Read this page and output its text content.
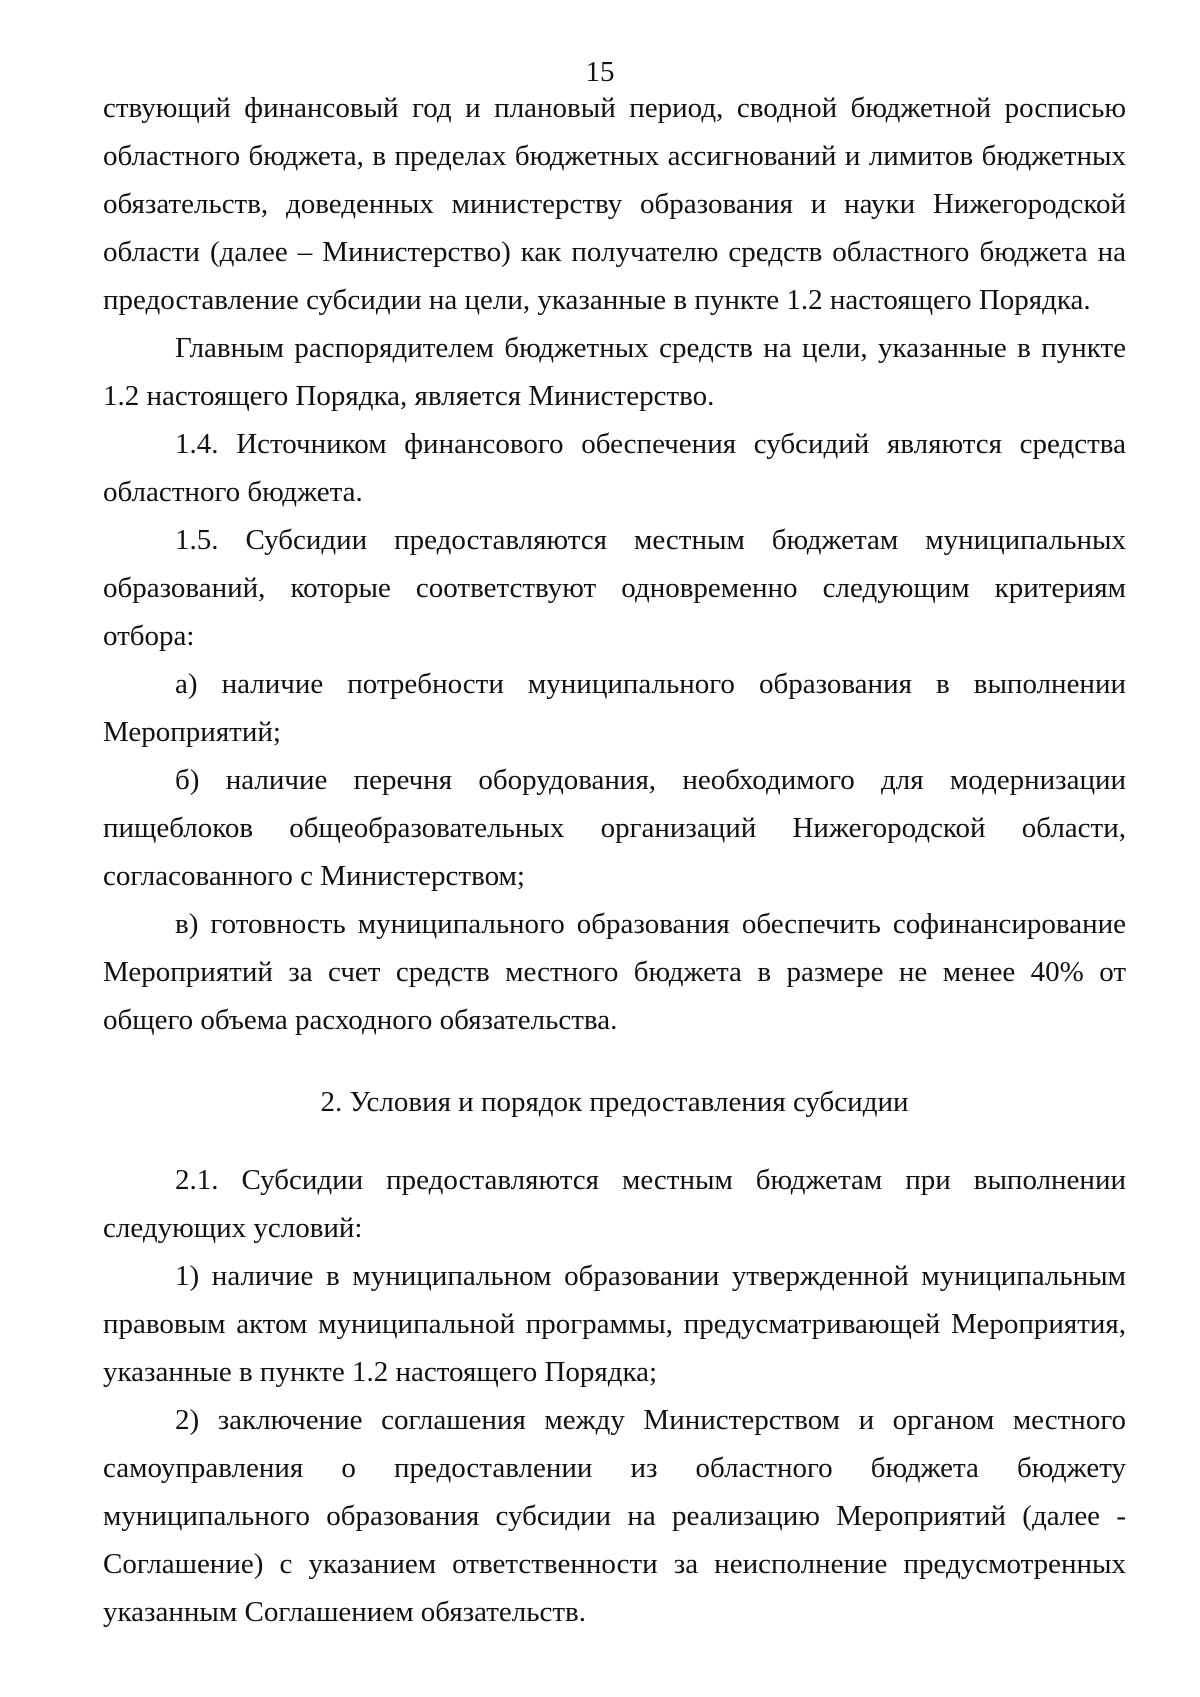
15

ствующий финансовый год и плановый период, сводной бюджетной росписью областного бюджета, в пределах бюджетных ассигнований и лимитов бюджетных обязательств, доведенных министерству образования и науки Нижегородской области (далее – Министерство) как получателю средств областного бюджета на предоставление субсидии на цели, указанные в пункте 1.2 настоящего Порядка.

Главным распорядителем бюджетных средств на цели, указанные в пункте 1.2 настоящего Порядка, является Министерство.

1.4. Источником финансового обеспечения субсидий являются средства областного бюджета.

1.5. Субсидии предоставляются местным бюджетам муниципальных образований, которые соответствуют одновременно следующим критериям отбора:

а) наличие потребности муниципального образования в выполнении Мероприятий;

б) наличие перечня оборудования, необходимого для модернизации пищеблоков общеобразовательных организаций Нижегородской области, согласованного с Министерством;

в) готовность муниципального образования обеспечить софинансирование Мероприятий за счет средств местного бюджета в размере не менее 40% от общего объема расходного обязательства.

2. Условия и порядок предоставления субсидии

2.1. Субсидии предоставляются местным бюджетам при выполнении следующих условий:

1) наличие в муниципальном образовании утвержденной муниципальным правовым актом муниципальной программы, предусматривающей Мероприятия, указанные в пункте 1.2 настоящего Порядка;

2) заключение соглашения между Министерством и органом местного самоуправления о предоставлении из областного бюджета бюджету муниципального образования субсидии на реализацию Мероприятий (далее - Соглашение) с указанием ответственности за неисполнение предусмотренных указанным Соглашением обязательств.
